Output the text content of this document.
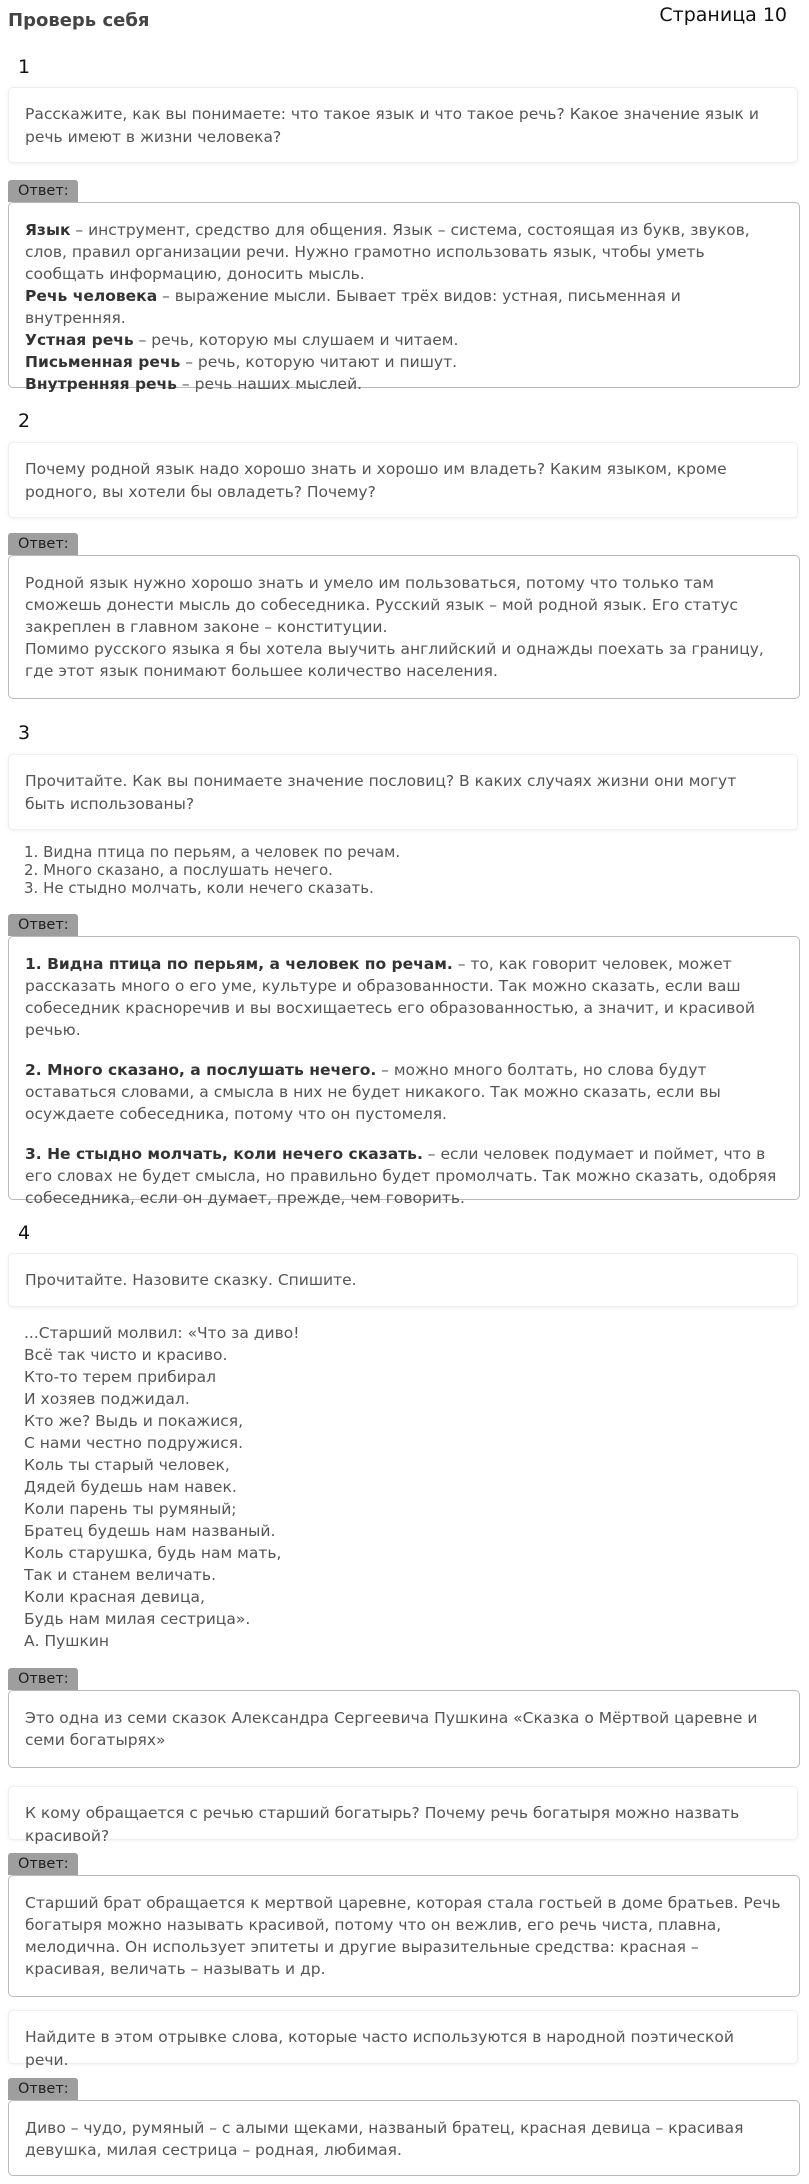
Проверь себя	Страница 10
1
Расскажите, как вы понимаете: что такое язык и что такое речь? Какое значение язык и речь имеют в жизни человека?
Ответ:

Язык – инструмент, средство для общения. Язык – система, состоящая из букв, звуков, слов, правил организации речи. Нужно грамотно использовать язык, чтобы уметь сообщать информацию, доносить мысль.

Речь человека – выражение мысли. Бывает трёх видов: устная, письменная и внутренняя.

Устная речь – речь, которую мы слушаем и читаем.

Письменная речь – речь, которую читают и пишут.

Внутренняя речь – речь наших мыслей.

2
Почему родной язык надо хорошо знать и хорошо им владеть? Каким языком, кроме родного, вы хотели бы овладеть? Почему?
Ответ:

Родной язык нужно хорошо знать и умело им пользоваться, потому что только там сможешь донести мысль до собеседника. Русский язык – мой родной язык. Его статус закреплен в главном законе – конституции.

Помимо русского языка я бы хотела выучить английский и однажды поехать за границу, где этот язык понимают большее количество населения.

3
Прочитайте. Как вы понимаете значение пословиц? В каких случаях жизни они могут быть использованы?
1. Видна птица по перьям, а человек по речам.
2. Много сказано, а послушать нечего.
3. Не стыдно молчать, коли нечего сказать.
Ответ:

1. Видна птица по перьям, а человек по речам. – то, как говорит человек, может рассказать много о его уме, культуре и образованности. Так можно сказать, если ваш собеседник красноречив и вы восхищаетесь его образованностью, а значит, и красивой речью.

2. Много сказано, а послушать нечего. – можно много болтать, но слова будут оставаться словами, а смысла в них не будет никакого. Так можно сказать, если вы осуждаете собеседника, потому что он пустомеля.

3. Не стыдно молчать, коли нечего сказать. – если человек подумает и поймет, что в его словах не будет смысла, но правильно будет промолчать. Так можно сказать, одобряя собеседника, если он думает, прежде, чем говорить.

4
Прочитайте. Назовите сказку. Спишите.
...Старший молвил: «Что за диво!
Всё так чисто и красиво.
Кто-то терем прибирал
И хозяев поджидал.
Кто же? Выдь и покажися,
С нами честно подружися.
Коль ты старый человек,
Дядей будешь нам навек.
Коли парень ты румяный;
Братец будешь нам названый.
Коль старушка, будь нам мать,
Так и станем величать.
Коли красная девица,
Будь нам милая сестрица».
А. Пушкин
Ответ:

Это одна из семи сказок Александра Сергеевича Пушкина «Сказка о Мёртвой царевне и семи богатырях»

К кому обращается с речью старший богатырь? Почему речь богатыря можно назвать красивой?
Ответ:

Старший брат обращается к мертвой царевне, которая стала гостьей в доме братьев. Речь богатыря можно называть красивой, потому что он вежлив, его речь чиста, плавна, мелодична. Он использует эпитеты и другие выразительные средства: красная – красивая, величать – называть и др.

Найдите в этом отрывке слова, которые часто используются в народной поэтической речи.
Ответ:

Диво – чудо, румяный – с алыми щеками, названый братец, красная девица – красивая девушка, милая сестрица – родная, любимая.
